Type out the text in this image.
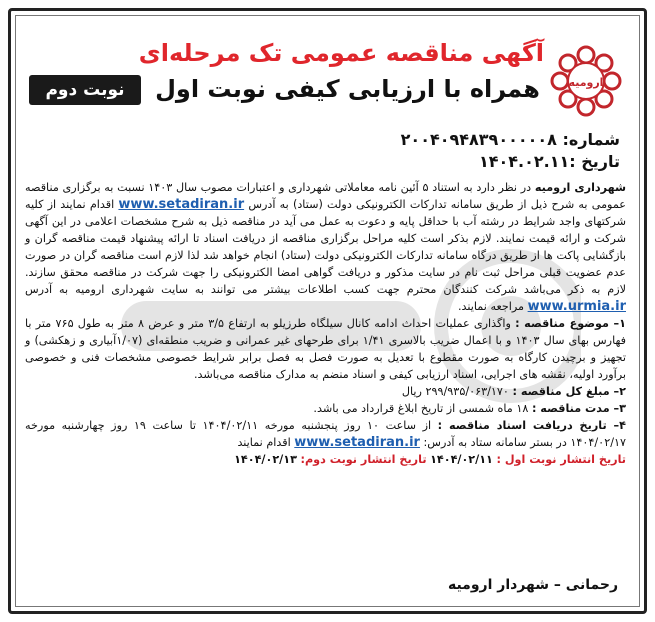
ارومیه
نوبت دوم
آگهی مناقصه عمومی تک مرحله‌ای
همراه با ارزیابی کیفی نوبت اول
شماره: ۲۰۰۴۰۹۴۸۳۹۰۰۰۰۰۸
تاریخ :۱۴۰۴.۰۲.۱۱

شهرداری ارومیه در نظر دارد به استناد ۵ آئین نامه معاملاتی شهرداری و اعتبارات مصوب سال ۱۴۰۳ نسبت به برگزاری مناقصه عمومی به شرح ذیل از طریق سامانه تدارکات الکترونیکی دولت (ستاد) به آدرس www.setadiran.ir اقدام نمایند از کلیه شرکتهای واجد شرایط در رشته آب با حداقل پایه و دعوت به عمل می آید در مناقصه ذیل به شرح مشخصات اعلامی در این آگهی شرکت و ارائه قیمت نمایند. لازم بذکر است کلیه مراحل برگزاری مناقصه از دریافت اسناد تا ارائه پیشنهاد قیمت مناقصه گران و بازگشایی پاکت ها از طریق درگاه سامانه تدارکات الکترونیکی دولت (ستاد) انجام خواهد شد لذا لازم است مناقصه گران در صورت عدم عضویت قبلی مراحل ثبت نام در سایت مذکور و دریافت گواهی امضا الکترونیکی را جهت شرکت در مناقصه محقق سازند. لازم به ذکر می‌باشد شرکت کنندگان محترم جهت کسب اطلاعات بیشتر می توانند به سایت شهرداری ارومیه به آدرس www.urmia.ir مراجعه نمایند.

۱– موضوع مناقصه : واگذاری عملیات احداث ادامه کانال سیلگاه طرزیلو به ارتفاع ۳/۵ متر و عرض ۸ متر به طول ۷۶۵ متر با فهارس بهای سال ۱۴۰۳ و با اعمال ضریب بالاسری ۱/۴۱ برای طرحهای غیر عمرانی و ضریب منطقه‌ای (۱/۰۷آبیاری و زهکشی) و تجهیز و برچیدن کارگاه به صورت مقطوع با تعدیل به صورت فصل به فصل برابر شرایط خصوصی مشخصات فنی و خصوصی برآورد اولیه، نقشه های اجرایی، اسناد ارزیابی کیفی و اسناد منضم به مدارک مناقصه می‌باشد.

۲– مبلغ کل مناقصه : ۲۹۹/۹۳۵/۰۶۳/۱۷۰ ریال

۳– مدت مناقصه : ۱۸ ماه شمسی از تاریخ ابلاغ قرارداد می باشد.

۴– تاریخ دریافت اسناد مناقصه : از ساعت ۱۰ روز پنجشنبه مورخه ۱۴۰۴/۰۲/۱۱ تا ساعت ۱۹ روز چهارشنبه مورخه ۱۴۰۴/۰۲/۱۷ در بستر سامانه ستاد به آدرس: www.setadiran.ir اقدام نمایند

تاریخ انتشار نوبت اول : ۱۴۰۴/۰۲/۱۱ تاریخ انتشار نوبت دوم: ۱۴۰۴/۰۲/۱۳

رحمانی – شهردار ارومیه
